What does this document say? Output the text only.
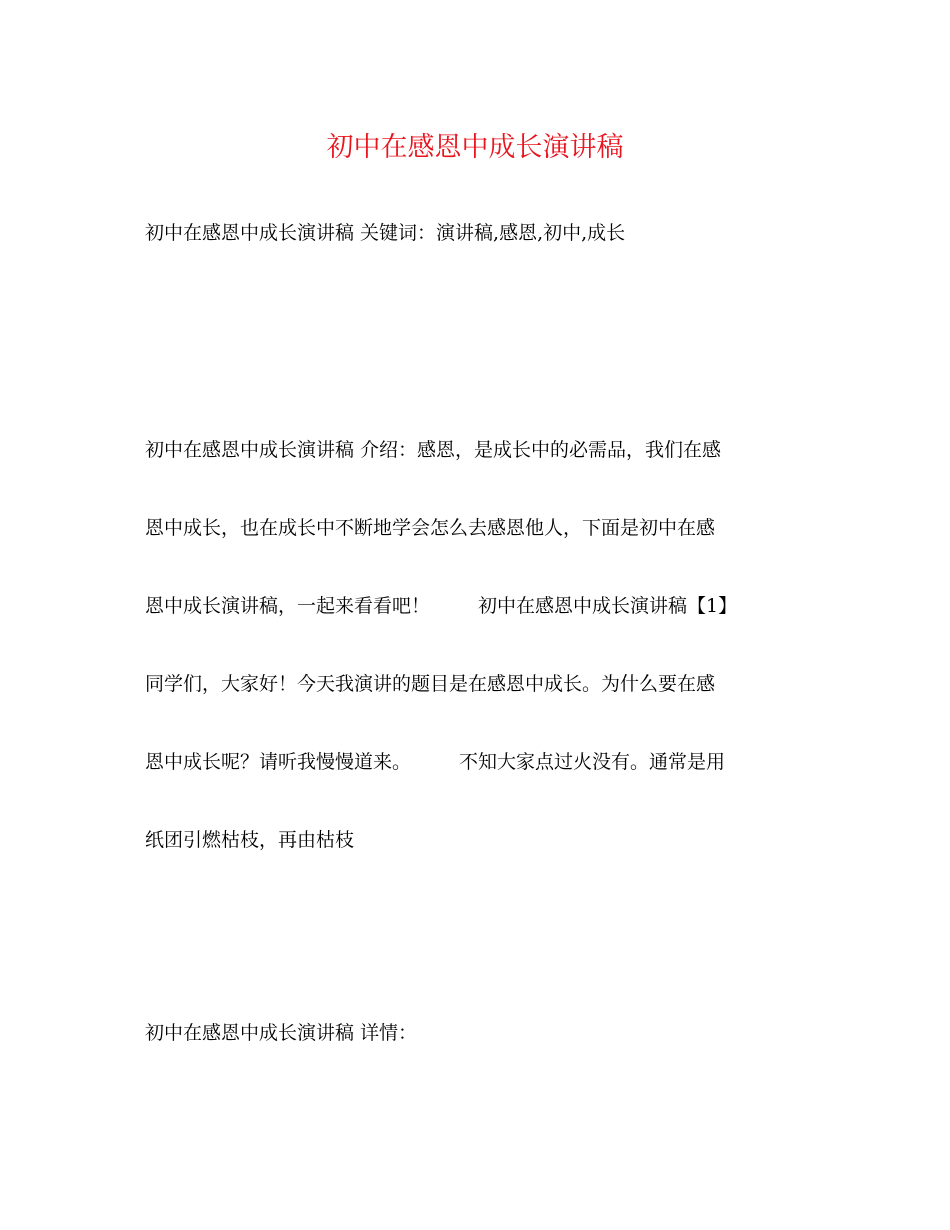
初中在感恩中成长演讲稿

初中在感恩中成长演讲稿 关键词：演讲稿,感恩,初中,成长

初中在感恩中成长演讲稿 介绍：感恩，是成长中的必需品，我们在感
恩中成长，也在成长中不断地学会怎么去感恩他人，下面是初中在感
恩中成长演讲稿，一起来看看吧！	初中在感恩中成长演讲稿【1】
同学们，大家好！今天我演讲的题目是在感恩中成长。为什么要在感
恩中成长呢？请听我慢慢道来。	不知大家点过火没有。通常是用
纸团引燃枯枝，再由枯枝

初中在感恩中成长演讲稿 详情：
